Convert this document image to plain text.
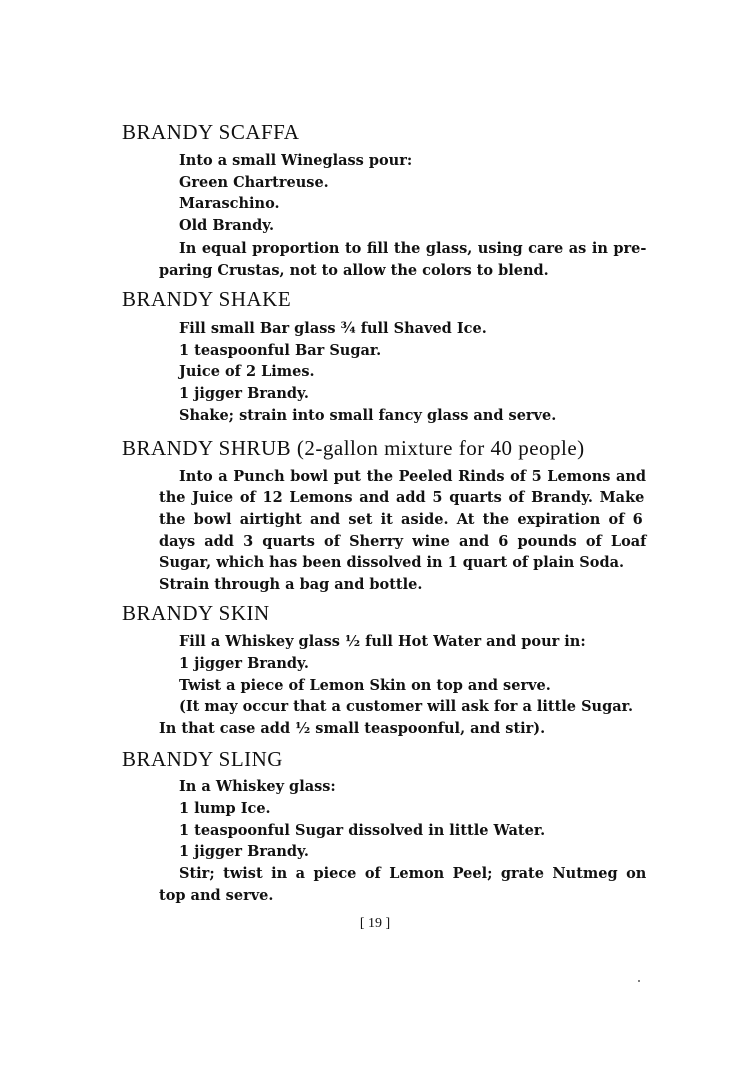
BRANDY SCAFFA
Into a small Wineglass pour:
Green Chartreuse.
Maraschino.
Old Brandy.
In equal proportion to fill the glass, using care as in pre-
paring Crustas, not to allow the colors to blend.
BRANDY SHAKE
Fill small Bar glass ¾ full Shaved Ice.
1 teaspoonful Bar Sugar.
Juice of 2 Limes.
1 jigger Brandy.
Shake; strain into small fancy glass and serve.
BRANDY SHRUB (2-gallon mixture for 40 people)
Into a Punch bowl put the Peeled Rinds of 5 Lemons and
the Juice of 12 Lemons and add 5 quarts of Brandy. Make
the bowl airtight and set it aside. At the expiration of 6
days add 3 quarts of Sherry wine and 6 pounds of Loaf
Sugar, which has been dissolved in 1 quart of plain Soda.
Strain through a bag and bottle.
BRANDY SKIN
Fill a Whiskey glass ½ full Hot Water and pour in:
1 jigger Brandy.
Twist a piece of Lemon Skin on top and serve.
(It may occur that a customer will ask for a little Sugar.
In that case add ½ small teaspoonful, and stir).
BRANDY SLING
In a Whiskey glass:
1 lump Ice.
1 teaspoonful Sugar dissolved in little Water.
1 jigger Brandy.
Stir; twist in a piece of Lemon Peel; grate Nutmeg on
top and serve.
[ 19 ]
